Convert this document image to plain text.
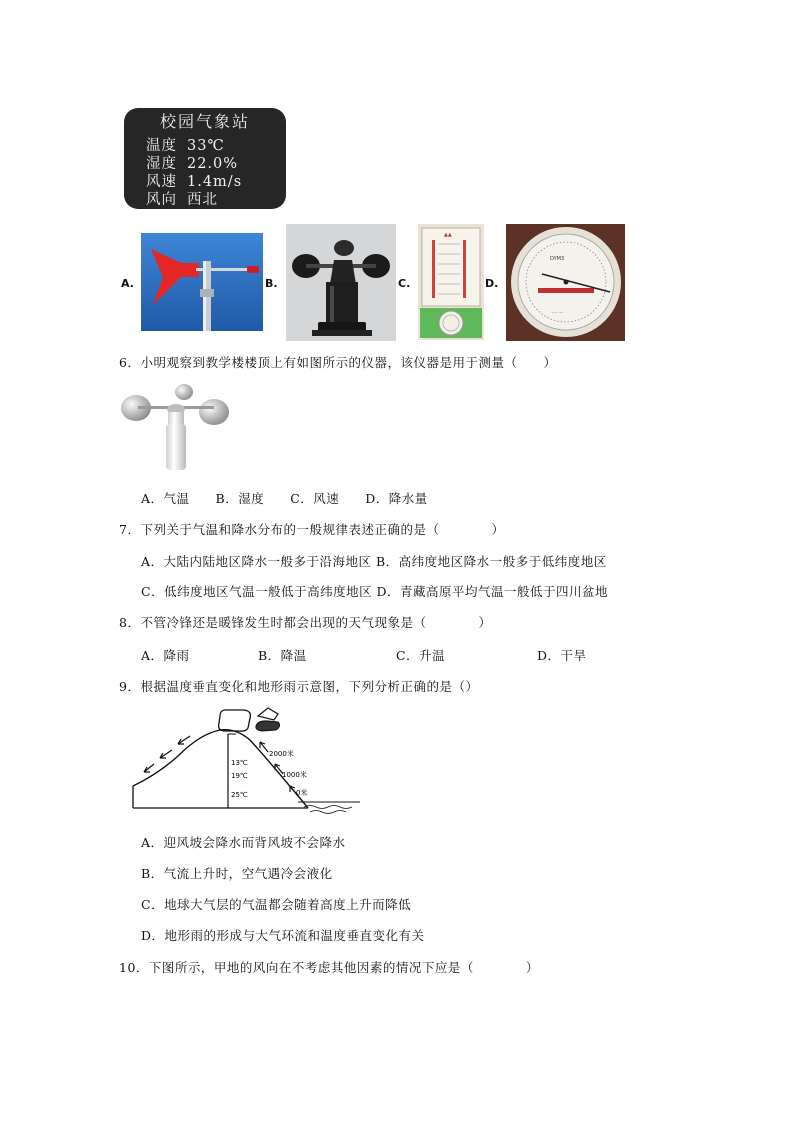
校园气象站
温度 33℃
湿度 22.0%
风速 1.4m/s
风向 西北
A.	B.	C.
▲▲
D.
DYM3
···· ····
6．小明观察到教学楼楼顶上有如图所示的仪器，该仪器是用于测量（　　）
A．气温　　B．湿度　　C．风速　　D．降水量
7．下列关于气温和降水分布的一般规律表述正确的是（　　　　）
A．大陆内陆地区降水一般多于沿海地区 B．高纬度地区降水一般多于低纬度地区
C．低纬度地区气温一般低于高纬度地区 D．青藏高原平均气温一般低于四川盆地
8．不管冷锋还是暖锋发生时都会出现的天气现象是（　　　　）
A．降雨	B．降温	C．升温	D．干旱
9．根据温度垂直变化和地形雨示意图，下列分析正确的是（）
13℃
19℃
25℃
2000米
1000米
0米
A．迎风坡会降水而背风坡不会降水
B．气流上升时，空气遇冷会液化
C．地球大气层的气温都会随着高度上升而降低
D．地形雨的形成与大气环流和温度垂直变化有关
10．下图所示，甲地的风向在不考虑其他因素的情况下应是（　　　　）
